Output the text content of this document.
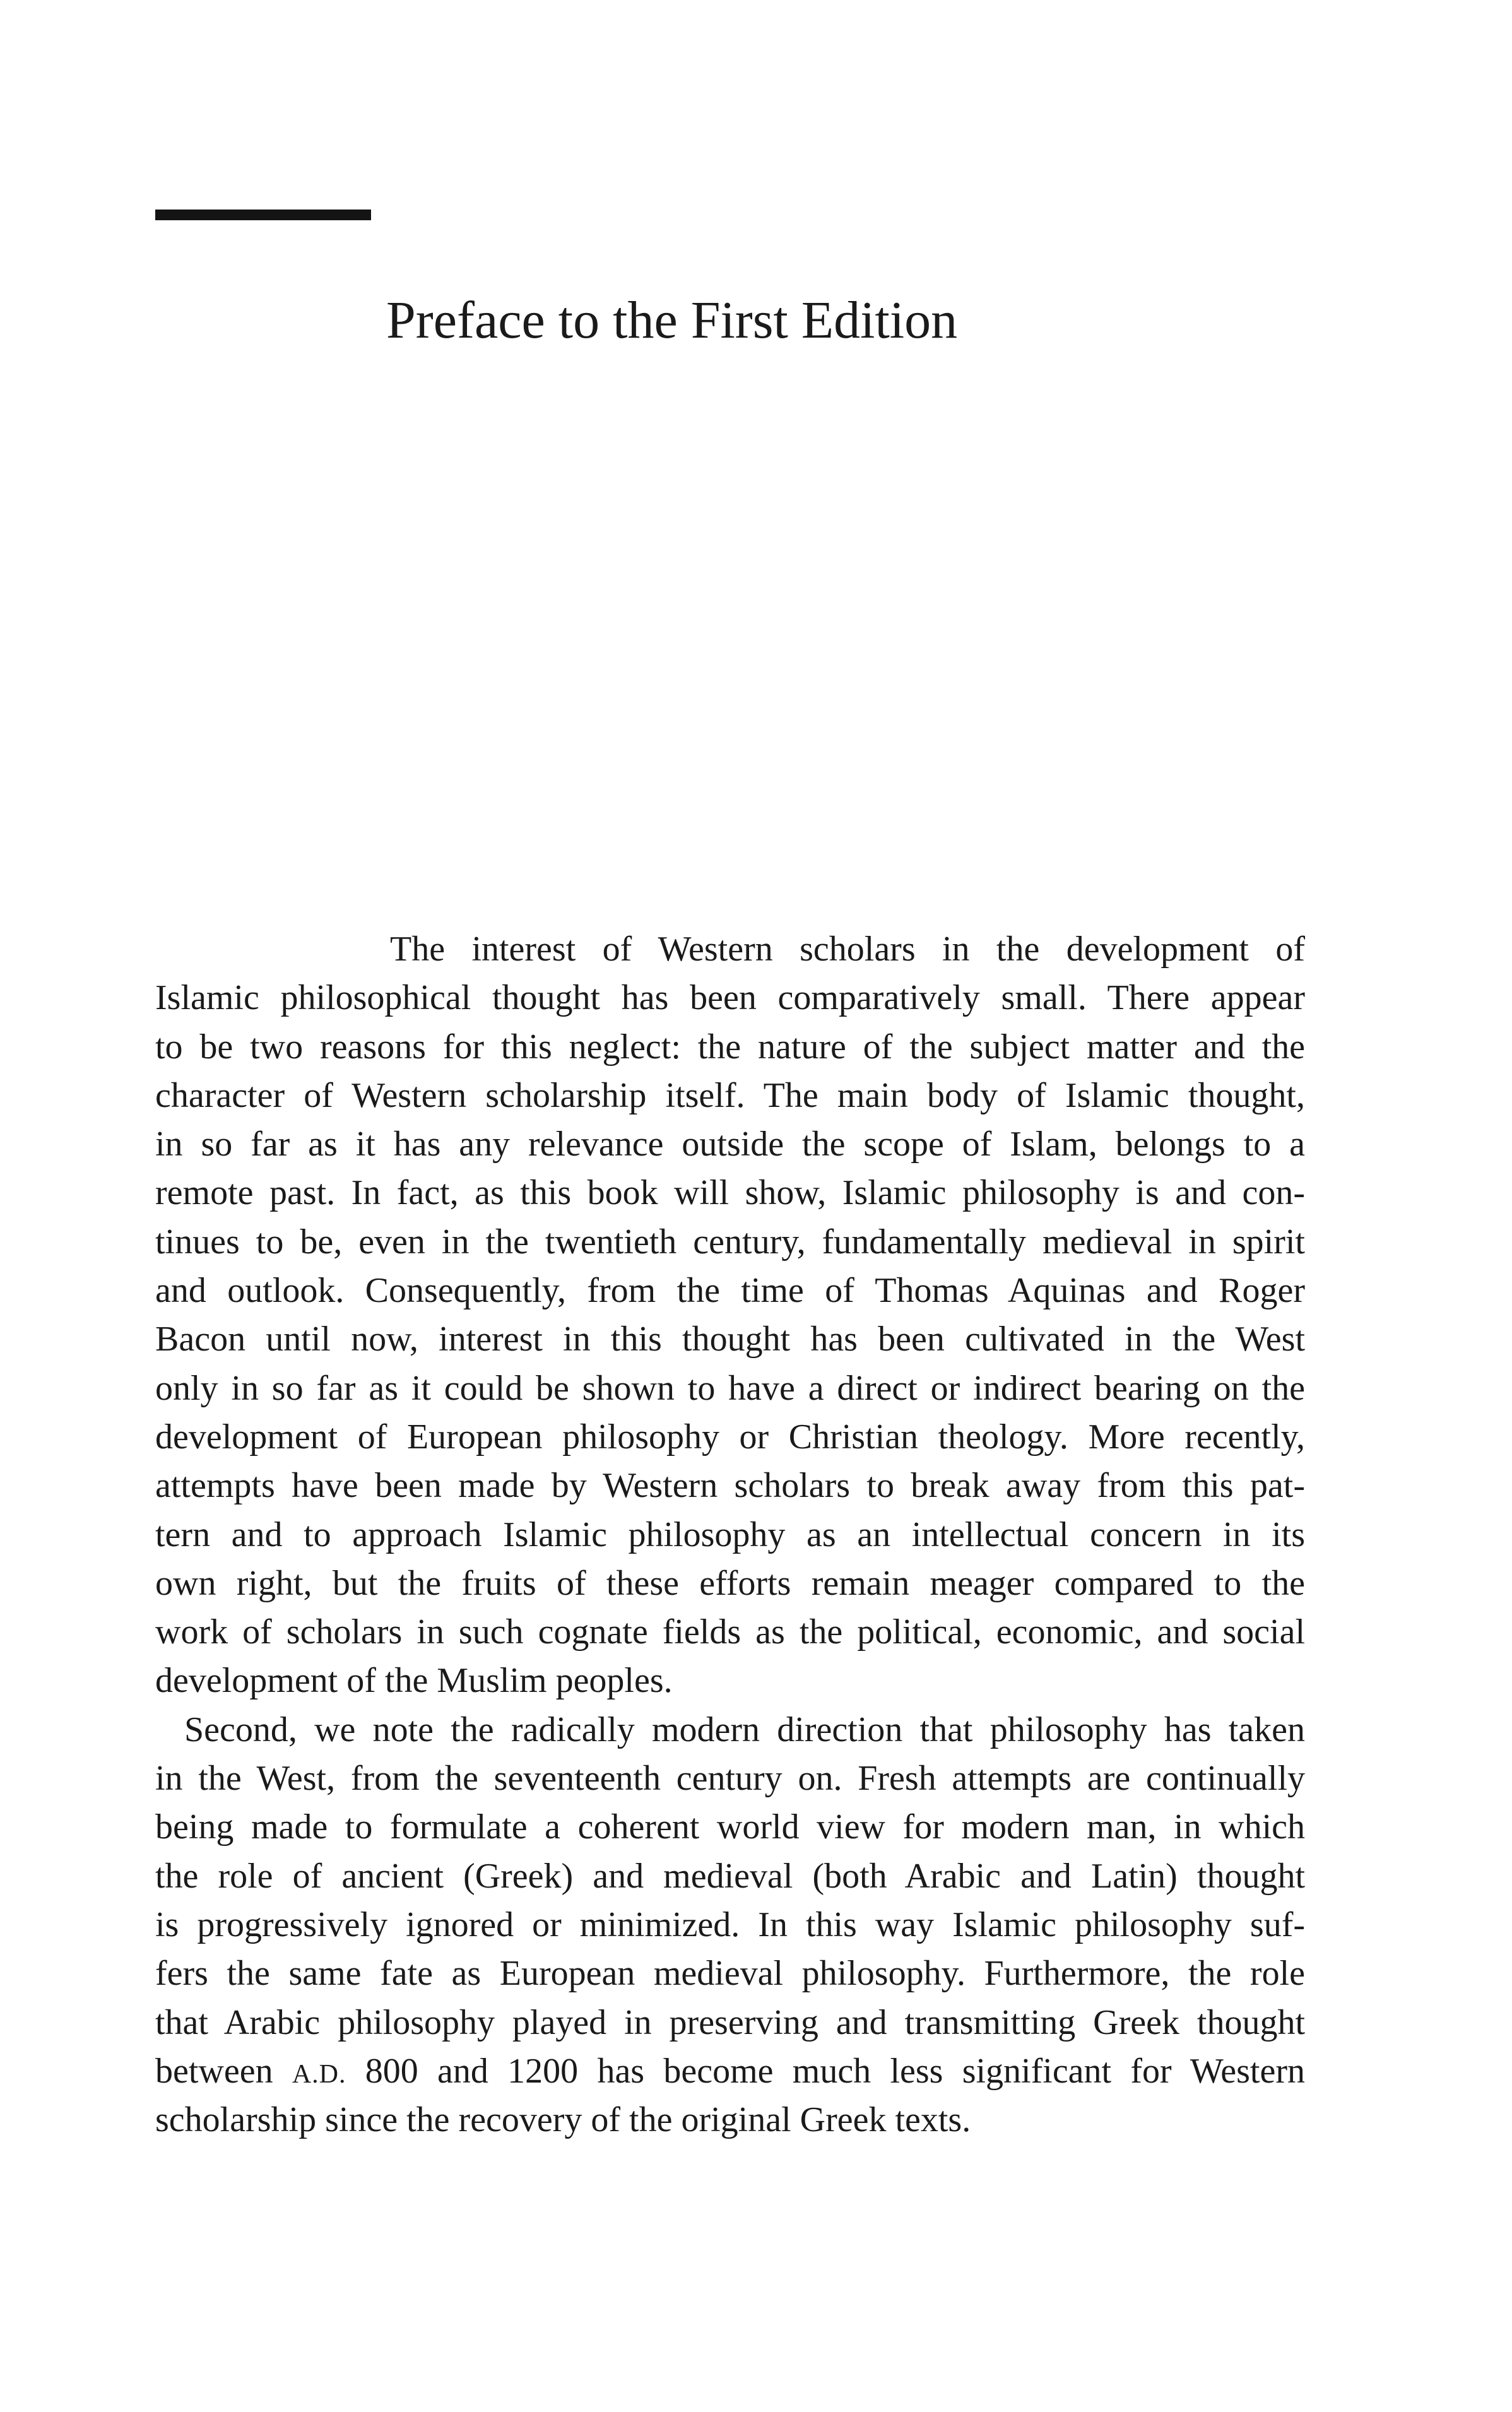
Preface to the First Edition
The interest of Western scholars in the development of
Islamic philosophical thought has been comparatively small. There appear
to be two reasons for this neglect: the nature of the subject matter and the
character of Western scholarship itself. The main body of Islamic thought,
in so far as it has any relevance outside the scope of Islam, belongs to a
remote past. In fact, as this book will show, Islamic philosophy is and con-
tinues to be, even in the twentieth century, fundamentally medieval in spirit
and outlook. Consequently, from the time of Thomas Aquinas and Roger
Bacon until now, interest in this thought has been cultivated in the West
only in so far as it could be shown to have a direct or indirect bearing on the
development of European philosophy or Christian theology. More recently,
attempts have been made by Western scholars to break away from this pat-
tern and to approach Islamic philosophy as an intellectual concern in its
own right, but the fruits of these efforts remain meager compared to the
work of scholars in such cognate fields as the political, economic, and social
development of the Muslim peoples.
Second, we note the radically modern direction that philosophy has taken
in the West, from the seventeenth century on. Fresh attempts are continually
being made to formulate a coherent world view for modern man, in which
the role of ancient (Greek) and medieval (both Arabic and Latin) thought
is progressively ignored or minimized. In this way Islamic philosophy suf-
fers the same fate as European medieval philosophy. Furthermore, the role
that Arabic philosophy played in preserving and transmitting Greek thought
between A.D. 800 and 1200 has become much less significant for Western
scholarship since the recovery of the original Greek texts.
